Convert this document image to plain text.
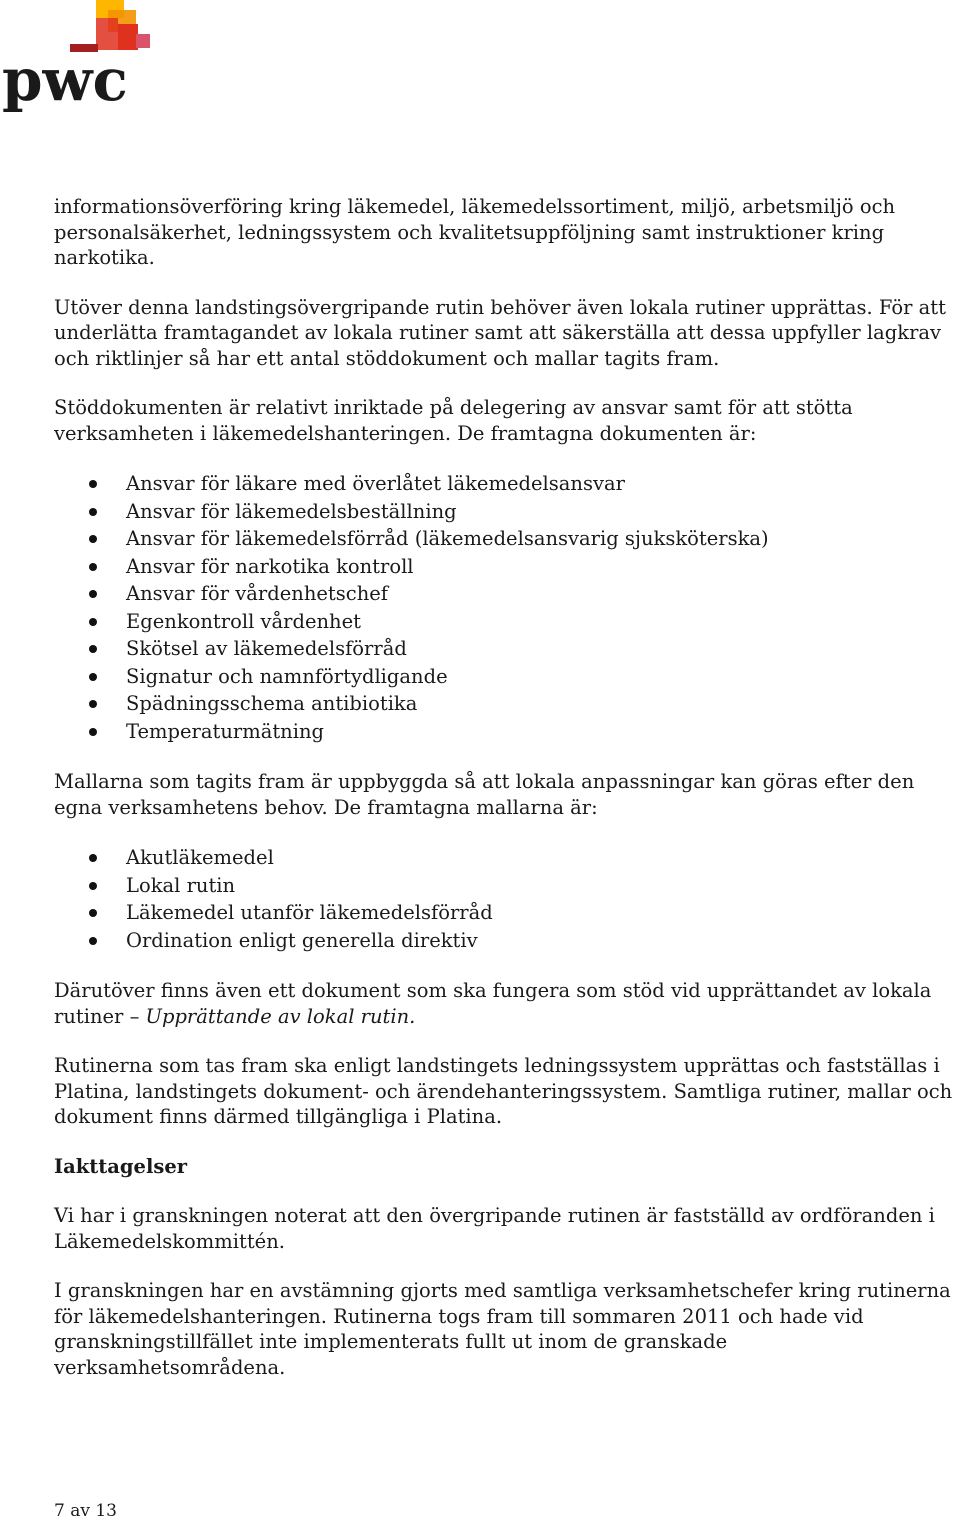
pwc

informationsöverföring kring läkemedel, läkemedelssortiment, miljö, arbetsmiljö och personalsäkerhet, ledningssystem och kvalitetsuppföljning samt instruktioner kring narkotika.

Utöver denna landstingsövergripande rutin behöver även lokala rutiner upprättas. För att underlätta framtagandet av lokala rutiner samt att säkerställa att dessa uppfyller lagkrav och riktlinjer så har ett antal stöddokument och mallar tagits fram.

Stöddokumenten är relativt inriktade på delegering av ansvar samt för att stötta verksamheten i läkemedelshanteringen. De framtagna dokumenten är:

Ansvar för läkare med överlåtet läkemedelsansvar
Ansvar för läkemedelsbeställning
Ansvar för läkemedelsförråd (läkemedelsansvarig sjuksköterska)
Ansvar för narkotika kontroll
Ansvar för vårdenhetschef
Egenkontroll vårdenhet
Skötsel av läkemedelsförråd
Signatur och namnförtydligande
Spädningsschema antibiotika
Temperaturmätning

Mallarna som tagits fram är uppbyggda så att lokala anpassningar kan göras efter den egna verksamhetens behov. De framtagna mallarna är:

Akutläkemedel
Lokal rutin
Läkemedel utanför läkemedelsförråd
Ordination enligt generella direktiv

Därutöver finns även ett dokument som ska fungera som stöd vid upprättandet av lokala rutiner – Upprättande av lokal rutin.

Rutinerna som tas fram ska enligt landstingets ledningssystem upprättas och fastställas i Platina, landstingets dokument- och ärendehanteringssystem. Samtliga rutiner, mallar och dokument finns därmed tillgängliga i Platina.

Iakttagelser

Vi har i granskningen noterat att den övergripande rutinen är fastställd av ordföranden i Läkemedelskommittén.

I granskningen har en avstämning gjorts med samtliga verksamhetschefer kring rutinerna för läkemedelshanteringen. Rutinerna togs fram till sommaren 2011 och hade vid granskningstillfället inte implementerats fullt ut inom de granskade verksamhetsområdena.

7 av 13
